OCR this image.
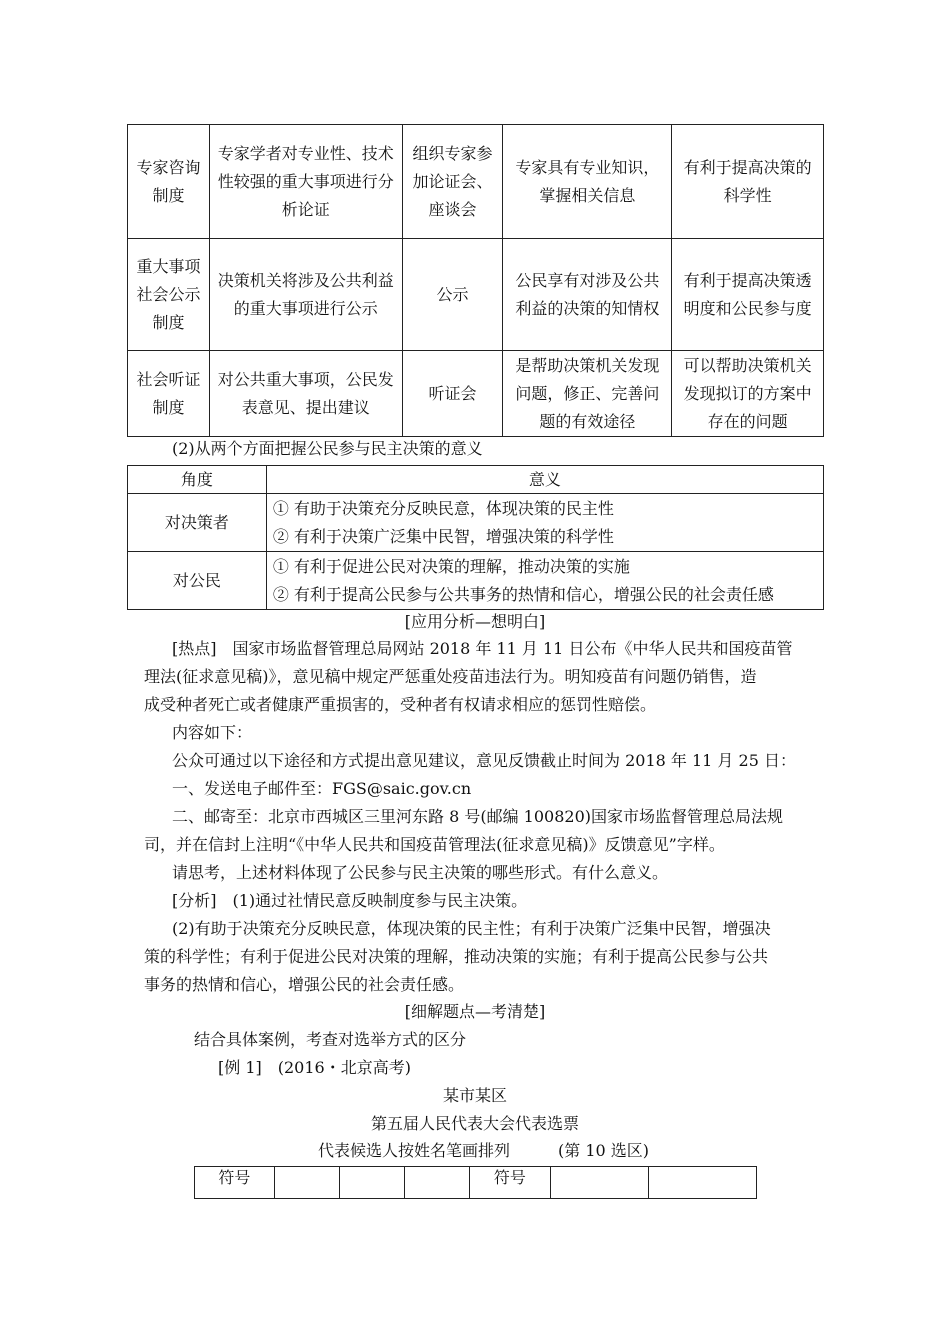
专家咨询制度	专家学者对专业性、技术性较强的重大事项进行分析论证	组织专家参加论证会、座谈会	专家具有专业知识，掌握相关信息	有利于提高决策的科学性
重大事项社会公示制度	决策机关将涉及公共利益的重大事项进行公示	公示	公民享有对涉及公共利益的决策的知情权	有利于提高决策透明度和公民参与度
社会听证制度	对公共重大事项，公民发表意见、提出建议	听证会	是帮助决策机关发现问题，修正、完善问题的有效途径	可以帮助决策机关发现拟订的方案中存在的问题
(2)从两个方面把握公民参与民主决策的意义
角度	意义
对决策者	① 有助于决策充分反映民意，体现决策的民主性
② 有利于决策广泛集中民智，增强决策的科学性

对公民	① 有利于促进公民对决策的理解，推动决策的实施
② 有利于提高公民参与公共事务的热情和信心，增强公民的社会责任感
[应用分析—想明白]
[热点]　国家市场监督管理总局网站 2018 年 11 月 11 日公布《中华人民共和国疫苗管
理法(征求意见稿)》，意见稿中规定严惩重处疫苗违法行为。明知疫苗有问题仍销售，造
成受种者死亡或者健康严重损害的，受种者有权请求相应的惩罚性赔偿。
内容如下：
公众可通过以下途径和方式提出意见建议，意见反馈截止时间为 2018 年 11 月 25 日：
一、发送电子邮件至：FGS@saic.gov.cn
二、邮寄至：北京市西城区三里河东路 8 号(邮编 100820)国家市场监督管理总局法规
司，并在信封上注明“《中华人民共和国疫苗管理法(征求意见稿)》反馈意见”字样。
请思考，上述材料体现了公民参与民主决策的哪些形式。有什么意义。
[分析]　(1)通过社情民意反映制度参与民主决策。
(2)有助于决策充分反映民意，体现决策的民主性；有利于决策广泛集中民智，增强决
策的科学性；有利于促进公民对决策的理解，推动决策的实施；有利于提高公民参与公共
事务的热情和信心，增强公民的社会责任感。
[细解题点—考清楚]
结合具体案例，考查对选举方式的区分
[例 1]　(2016・北京高考)
某市某区
第五届人民代表大会代表选票
代表候选人按姓名笔画排列　　　(第 10 选区)
符号				符号		
